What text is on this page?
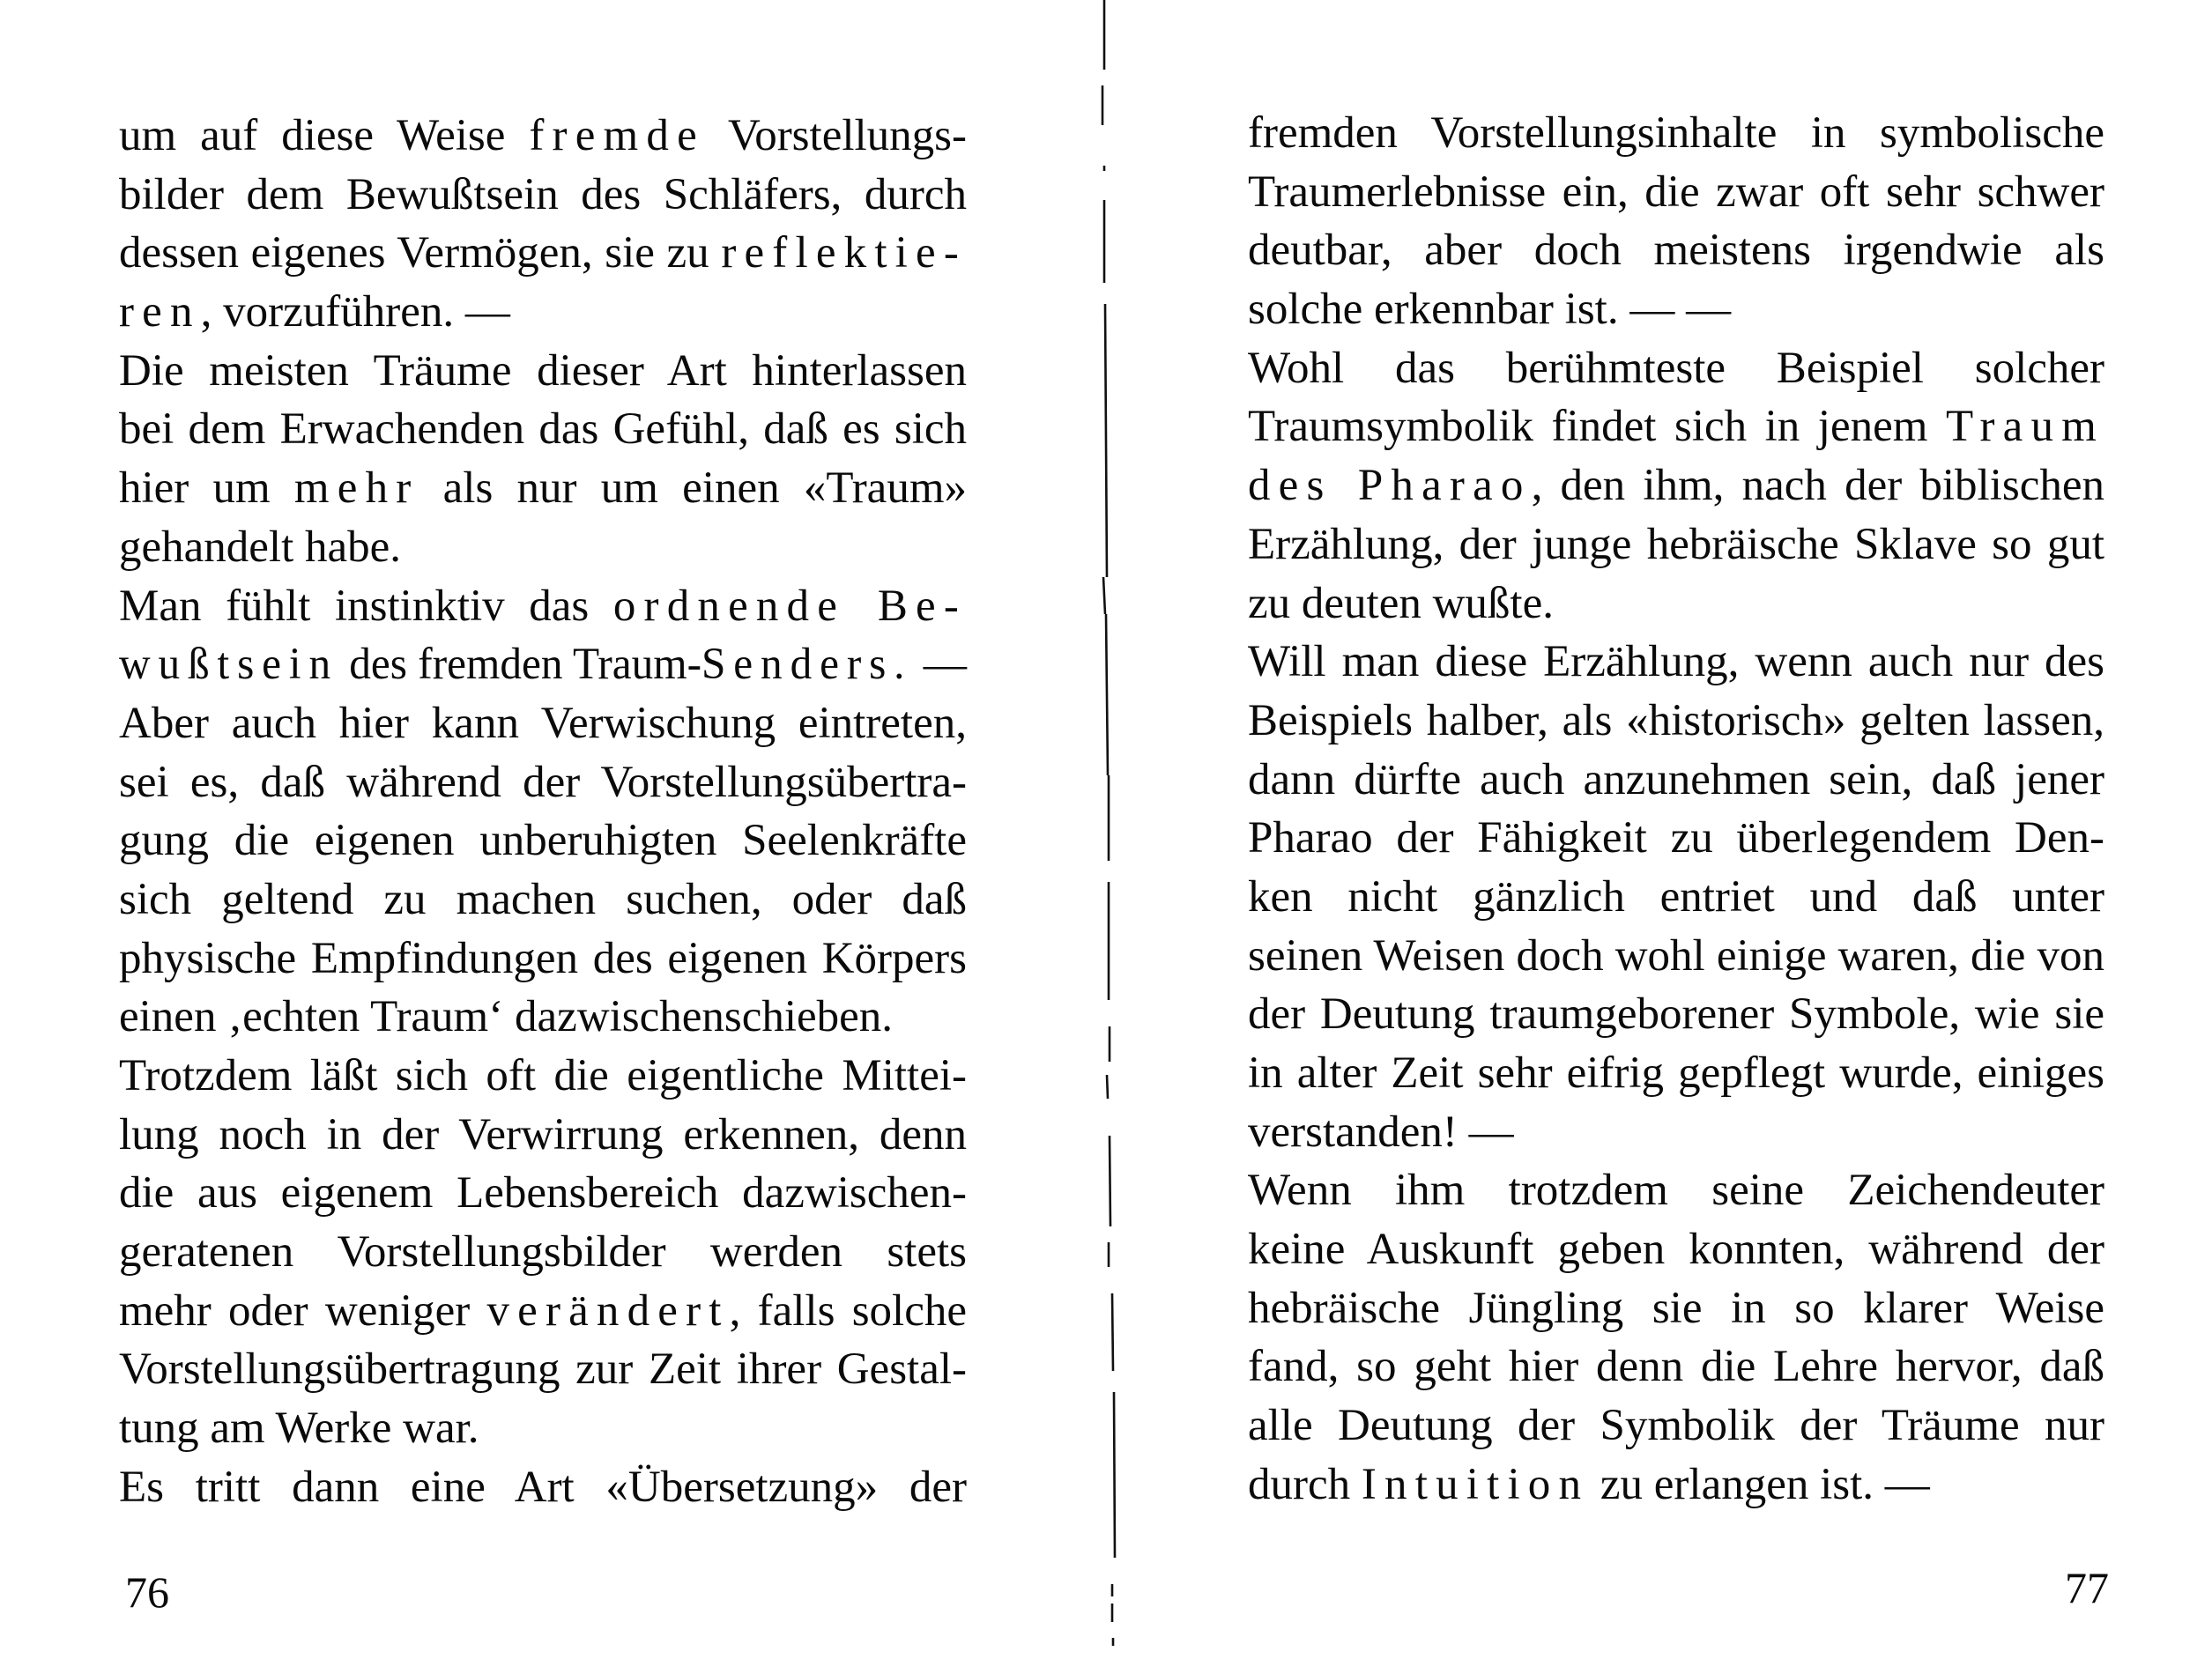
um auf diese Weise fremde Vorstellungs-
bilder dem Bewußtsein des Schläfers, durch
dessen eigenes Vermögen, sie zu reflektie-
ren, vorzuführen. —
Die meisten Träume dieser Art hinterlassen
bei dem Erwachenden das Gefühl, daß es sich
hier um mehr als nur um einen «Traum»
gehandelt habe.
Man fühlt instinktiv das ordnende Be-
wußtsein des fremden Traum-Senders. —
Aber auch hier kann Verwischung eintreten,
sei es, daß während der Vorstellungsübertra-
gung die eigenen unberuhigten Seelenkräfte
sich geltend zu machen suchen, oder daß
physische Empfindungen des eigenen Körpers
einen ‚echten Traum‘ dazwischenschieben.
Trotzdem läßt sich oft die eigentliche Mittei-
lung noch in der Verwirrung erkennen, denn
die aus eigenem Lebensbereich dazwischen-
geratenen Vorstellungsbilder werden stets
mehr oder weniger verändert, falls solche
Vorstellungsübertragung zur Zeit ihrer Gestal-
tung am Werke war.
Es tritt dann eine Art «Übersetzung» der
76
fremden Vorstellungsinhalte in symbolische
Traumerlebnisse ein, die zwar oft sehr schwer
deutbar, aber doch meistens irgendwie als
solche erkennbar ist. — —
Wohl das berühmteste Beispiel solcher
Traumsymbolik findet sich in jenem Traum
des Pharao, den ihm, nach der biblischen
Erzählung, der junge hebräische Sklave so gut
zu deuten wußte.
Will man diese Erzählung, wenn auch nur des
Beispiels halber, als «historisch» gelten lassen,
dann dürfte auch anzunehmen sein, daß jener
Pharao der Fähigkeit zu überlegendem Den-
ken nicht gänzlich entriet und daß unter
seinen Weisen doch wohl einige waren, die von
der Deutung traumgeborener Symbole, wie sie
in alter Zeit sehr eifrig gepflegt wurde, einiges
verstanden! —
Wenn ihm trotzdem seine Zeichendeuter
keine Auskunft geben konnten, während der
hebräische Jüngling sie in so klarer Weise
fand, so geht hier denn die Lehre hervor, daß
alle Deutung der Symbolik der Träume nur
durch Intuition zu erlangen ist. —
77
